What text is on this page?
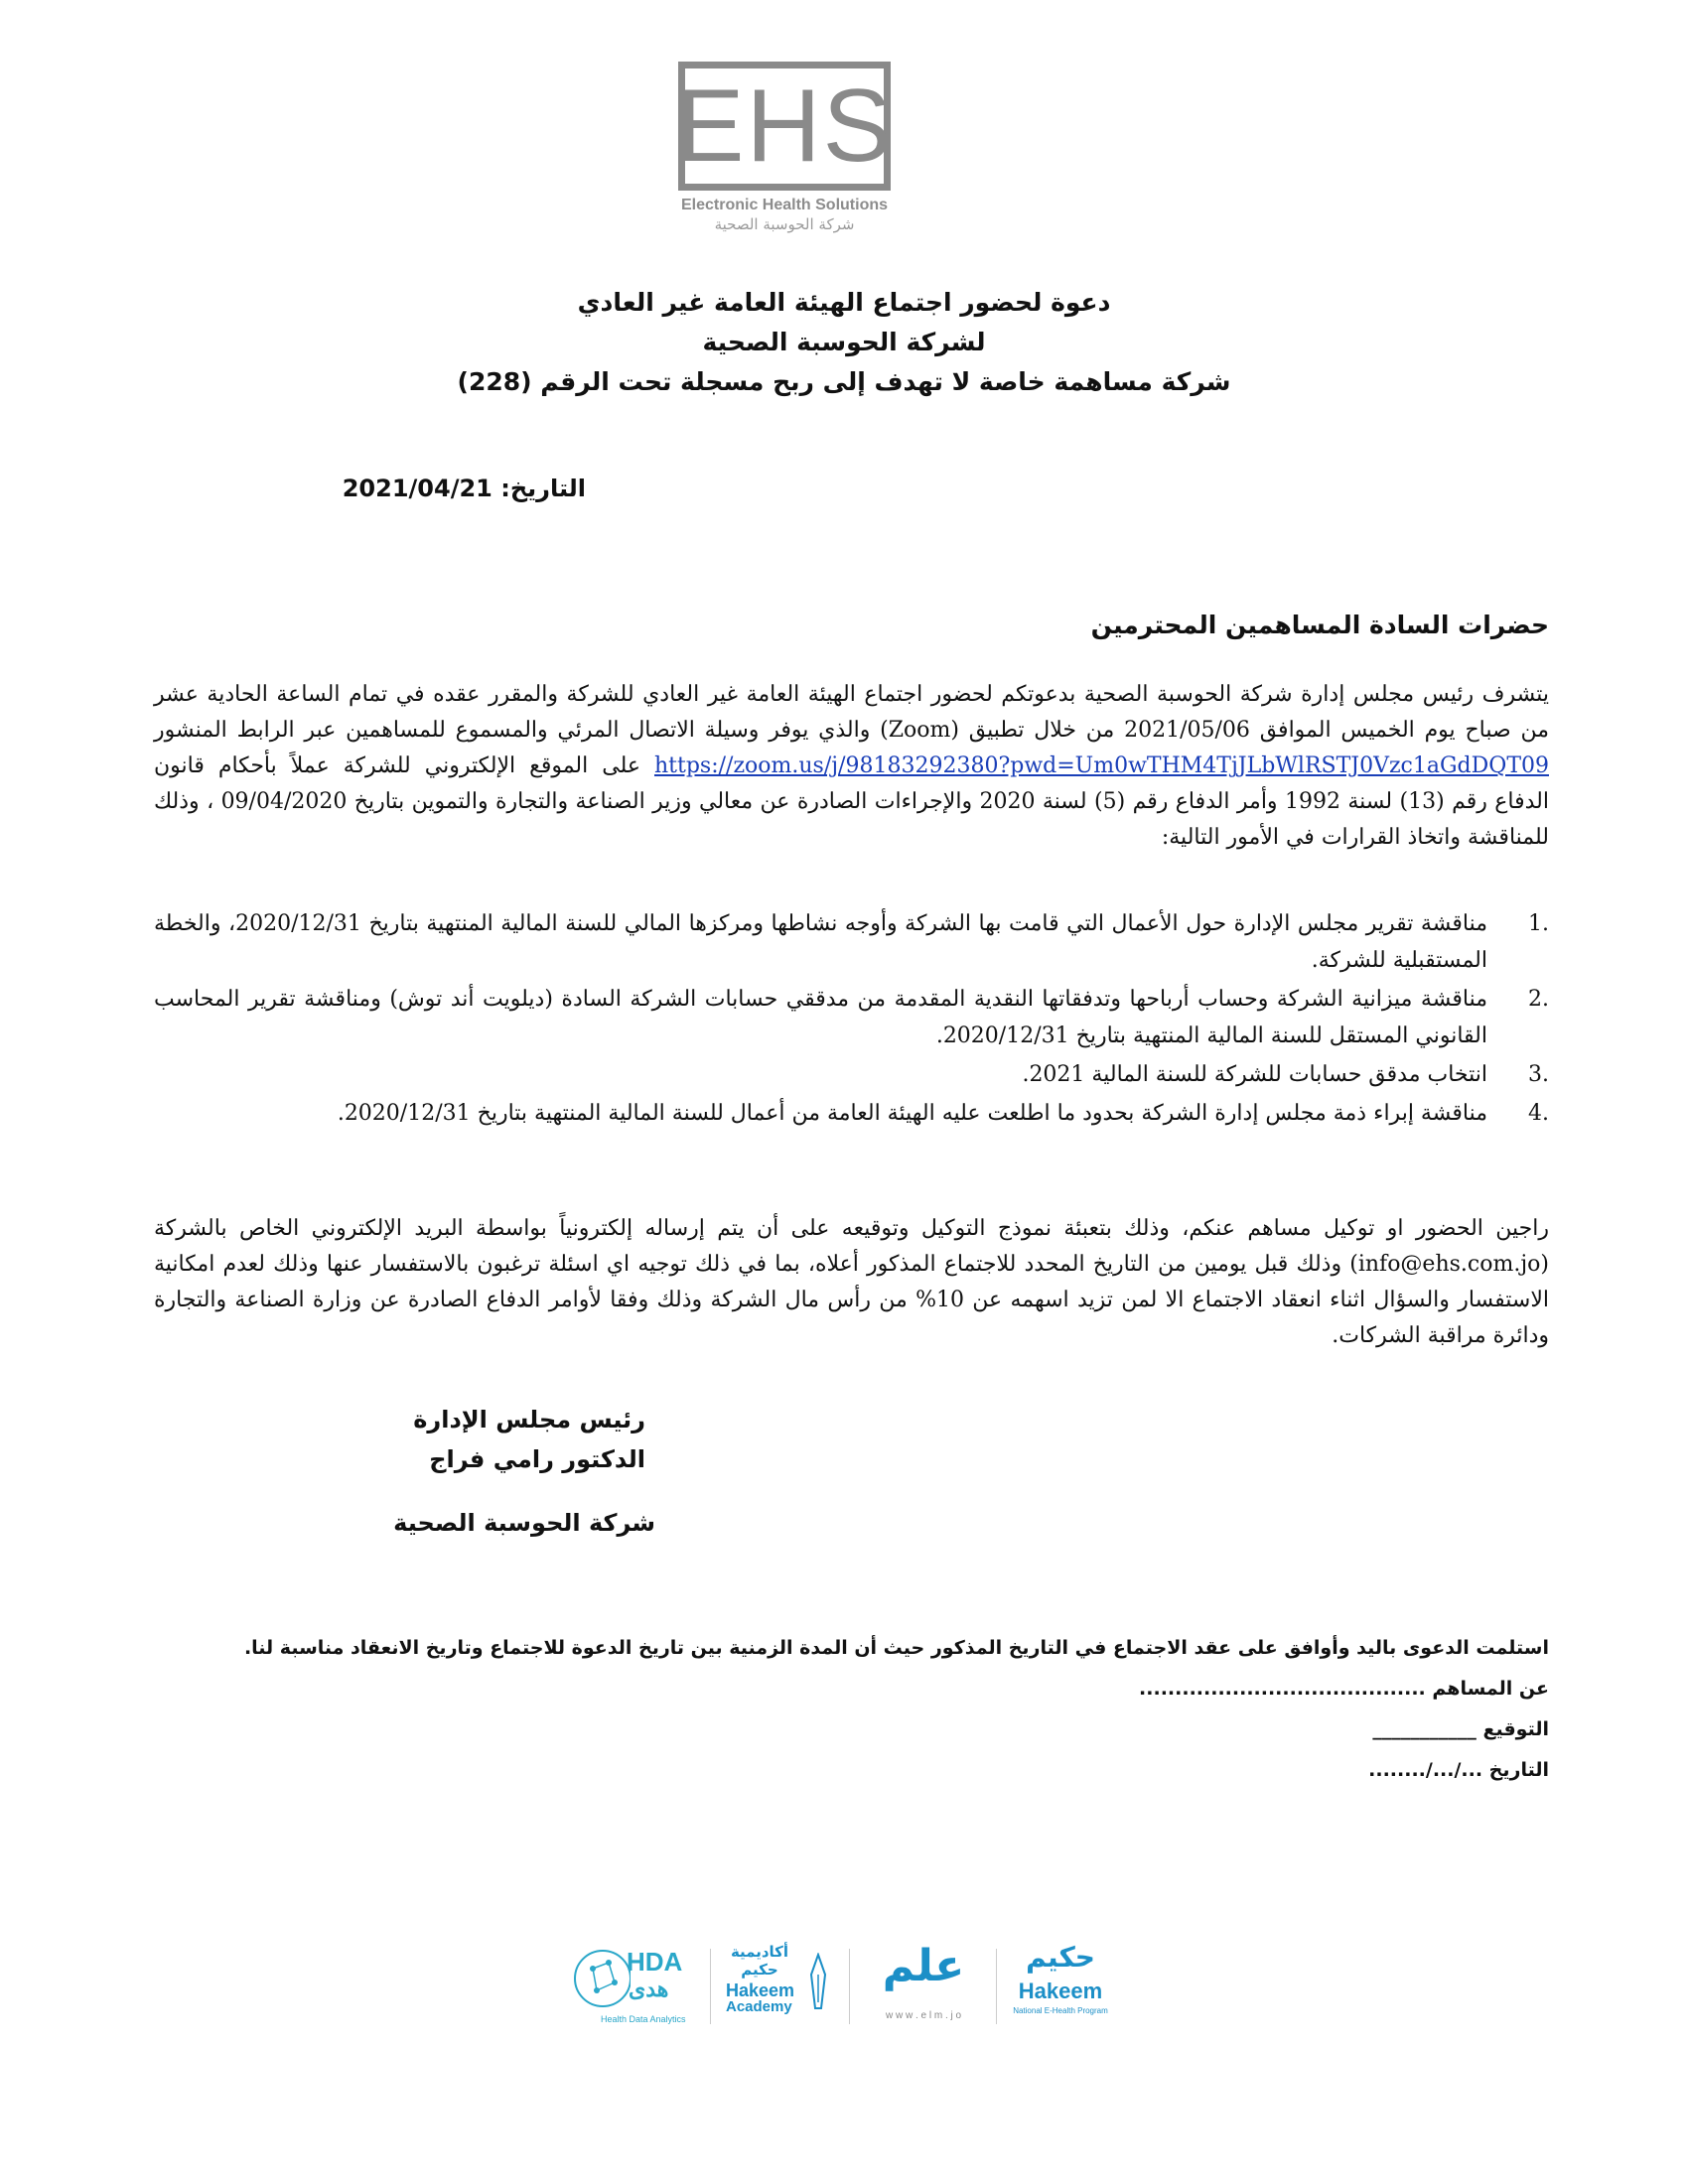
EHS
Electronic Health Solutions
شركة الحوسبة الصحية
دعوة لحضور اجتماع الهيئة العامة غير العادي
لشركة الحوسبة الصحية
شركة مساهمة خاصة لا تهدف إلى ربح مسجلة تحت الرقم (228)
التاريخ: 2021/04/21
حضرات السادة المساهمين المحترمين
يتشرف رئيس مجلس إدارة شركة الحوسبة الصحية بدعوتكم لحضور اجتماع الهيئة العامة غير العادي للشركة والمقرر عقده في تمام الساعة الحادية عشر من صباح يوم الخميس الموافق 2021/05/06 من خلال تطبيق (Zoom) والذي يوفر وسيلة الاتصال المرئي والمسموع للمساهمين عبر الرابط المنشور https://zoom.us/j/98183292380?pwd=Um0wTHM4TjJLbWlRSTJ0Vzc1aGdDQT09 على الموقع الإلكتروني للشركة عملاً بأحكام قانون الدفاع رقم (13) لسنة 1992 وأمر الدفاع رقم (5) لسنة 2020 والإجراءات الصادرة عن معالي وزير الصناعة والتجارة والتموين بتاريخ 09/04/2020 ، وذلك للمناقشة واتخاذ القرارات في الأمور التالية:
.1
مناقشة تقرير مجلس الإدارة حول الأعمال التي قامت بها الشركة وأوجه نشاطها ومركزها المالي للسنة المالية المنتهية بتاريخ 2020/12/31، والخطة المستقبلية للشركة.
.2
مناقشة ميزانية الشركة وحساب أرباحها وتدفقاتها النقدية المقدمة من مدققي حسابات الشركة السادة (ديلويت أند توش) ومناقشة تقرير المحاسب القانوني المستقل للسنة المالية المنتهية بتاريخ 2020/12/31.
.3
انتخاب مدقق حسابات للشركة للسنة المالية 2021.
.4
مناقشة إبراء ذمة مجلس إدارة الشركة بحدود ما اطلعت عليه الهيئة العامة من أعمال للسنة المالية المنتهية بتاريخ 2020/12/31.
راجين الحضور او توكيل مساهم عنكم، وذلك بتعبئة نموذج التوكيل وتوقيعه على أن يتم إرساله إلكترونياً بواسطة البريد الإلكتروني الخاص بالشركة (info@ehs.com.jo) وذلك قبل يومين من التاريخ المحدد للاجتماع المذكور أعلاه، بما في ذلك توجيه اي اسئلة ترغبون بالاستفسار عنها وذلك لعدم امكانية الاستفسار والسؤال اثناء انعقاد الاجتماع الا لمن تزيد اسهمه عن 10% من رأس مال الشركة وذلك وفقا لأوامر الدفاع الصادرة عن وزارة الصناعة والتجارة ودائرة مراقبة الشركات.
رئيس مجلس الإدارة
الدكتور رامي فراج
شركة الحوسبة الصحية
استلمت الدعوى باليد وأوافق على عقد الاجتماع في التاريخ المذكور حيث أن المدة الزمنية بين تاريخ الدعوة للاجتماع وتاريخ الانعقاد مناسبة لنا.
عن المساهم ........................................
التوقيع ___________
التاريخ .../.../........
HDA
هدى
Health Data Analytics
أكاديمية حكيم
Hakeem
Academy
علم
w w w . e l m . j o
حكيم
Hakeem
National E-Health Program
